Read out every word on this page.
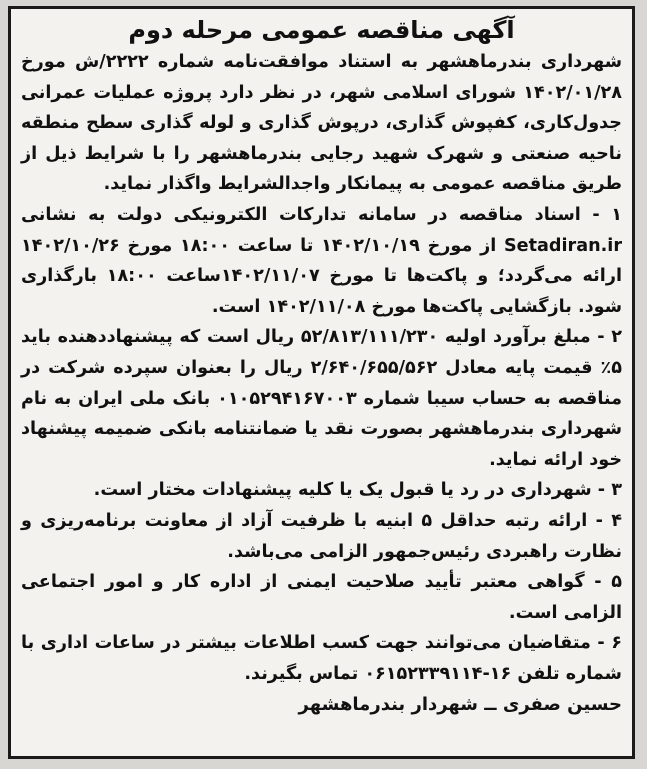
آگهی مناقصه عمومی مرحله دوم

شهرداری بندرماهشهر به استناد موافقت‌نامه شماره ۲۲۲۲/ش مورخ ۱۴۰۲/۰۱/۲۸ شورای اسلامی شهر، در نظر دارد پروژه عملیات عمرانی جدول‌کاری، کفپوش گذاری، درپوش گذاری و لوله گذاری سطح منطقه ناحیه صنعتی و شهرک شهید رجایی بندرماهشهر را با شرایط ذیل از طریق مناقصه عمومی به پیمانکار واجدالشرایط واگذار نماید.

۱ - اسناد مناقصه در سامانه تدارکات الکترونیکی دولت به نشانی Setadiran.ir از مورخ ۱۴۰۲/۱۰/۱۹ تا ساعت ۱۸:۰۰ مورخ ۱۴۰۲/۱۰/۲۶ ارائه می‌گردد؛ و پاکت‌ها تا مورخ ۱۴۰۲/۱۱/۰۷ساعت ۱۸:۰۰ بارگذاری شود. بازگشایی پاکت‌ها مورخ ۱۴۰۲/۱۱/۰۸ است.

۲ - مبلغ برآورد اولیه ۵۲/۸۱۳/۱۱۱/۲۳۰ ریال است که پیشنهاددهنده باید ۵٪ قیمت پایه معادل ۲/۶۴۰/۶۵۵/۵۶۲ ریال را بعنوان سپرده شرکت در مناقصه به حساب سیبا شماره ۰۱۰۵۲۹۴۱۶۷۰۰۳ بانک ملی ایران به نام شهرداری بندرماهشهر بصورت نقد یا ضمانتنامه بانکی ضمیمه پیشنهاد خود ارائه نماید.

۳ - شهرداری در رد یا قبول یک یا کلیه پیشنهادات مختار است.

۴ - ارائه رتبه حداقل ۵ ابنیه با ظرفیت آزاد از معاونت برنامه‌ریزی و نظارت راهبردی رئیس‌جمهور الزامی می‌باشد.

۵ - گواهی معتبر تأیید صلاحیت ایمنی از اداره کار و امور اجتماعی الزامی است.

۶ - متقاضیان می‌توانند جهت کسب اطلاعات بیشتر در ساعات اداری با شماره تلفن ۱۶-۰۶۱۵۲۳۳۹۱۱۴ تماس بگیرند.

حسین صفری ــ شهردار بندرماهشهر
